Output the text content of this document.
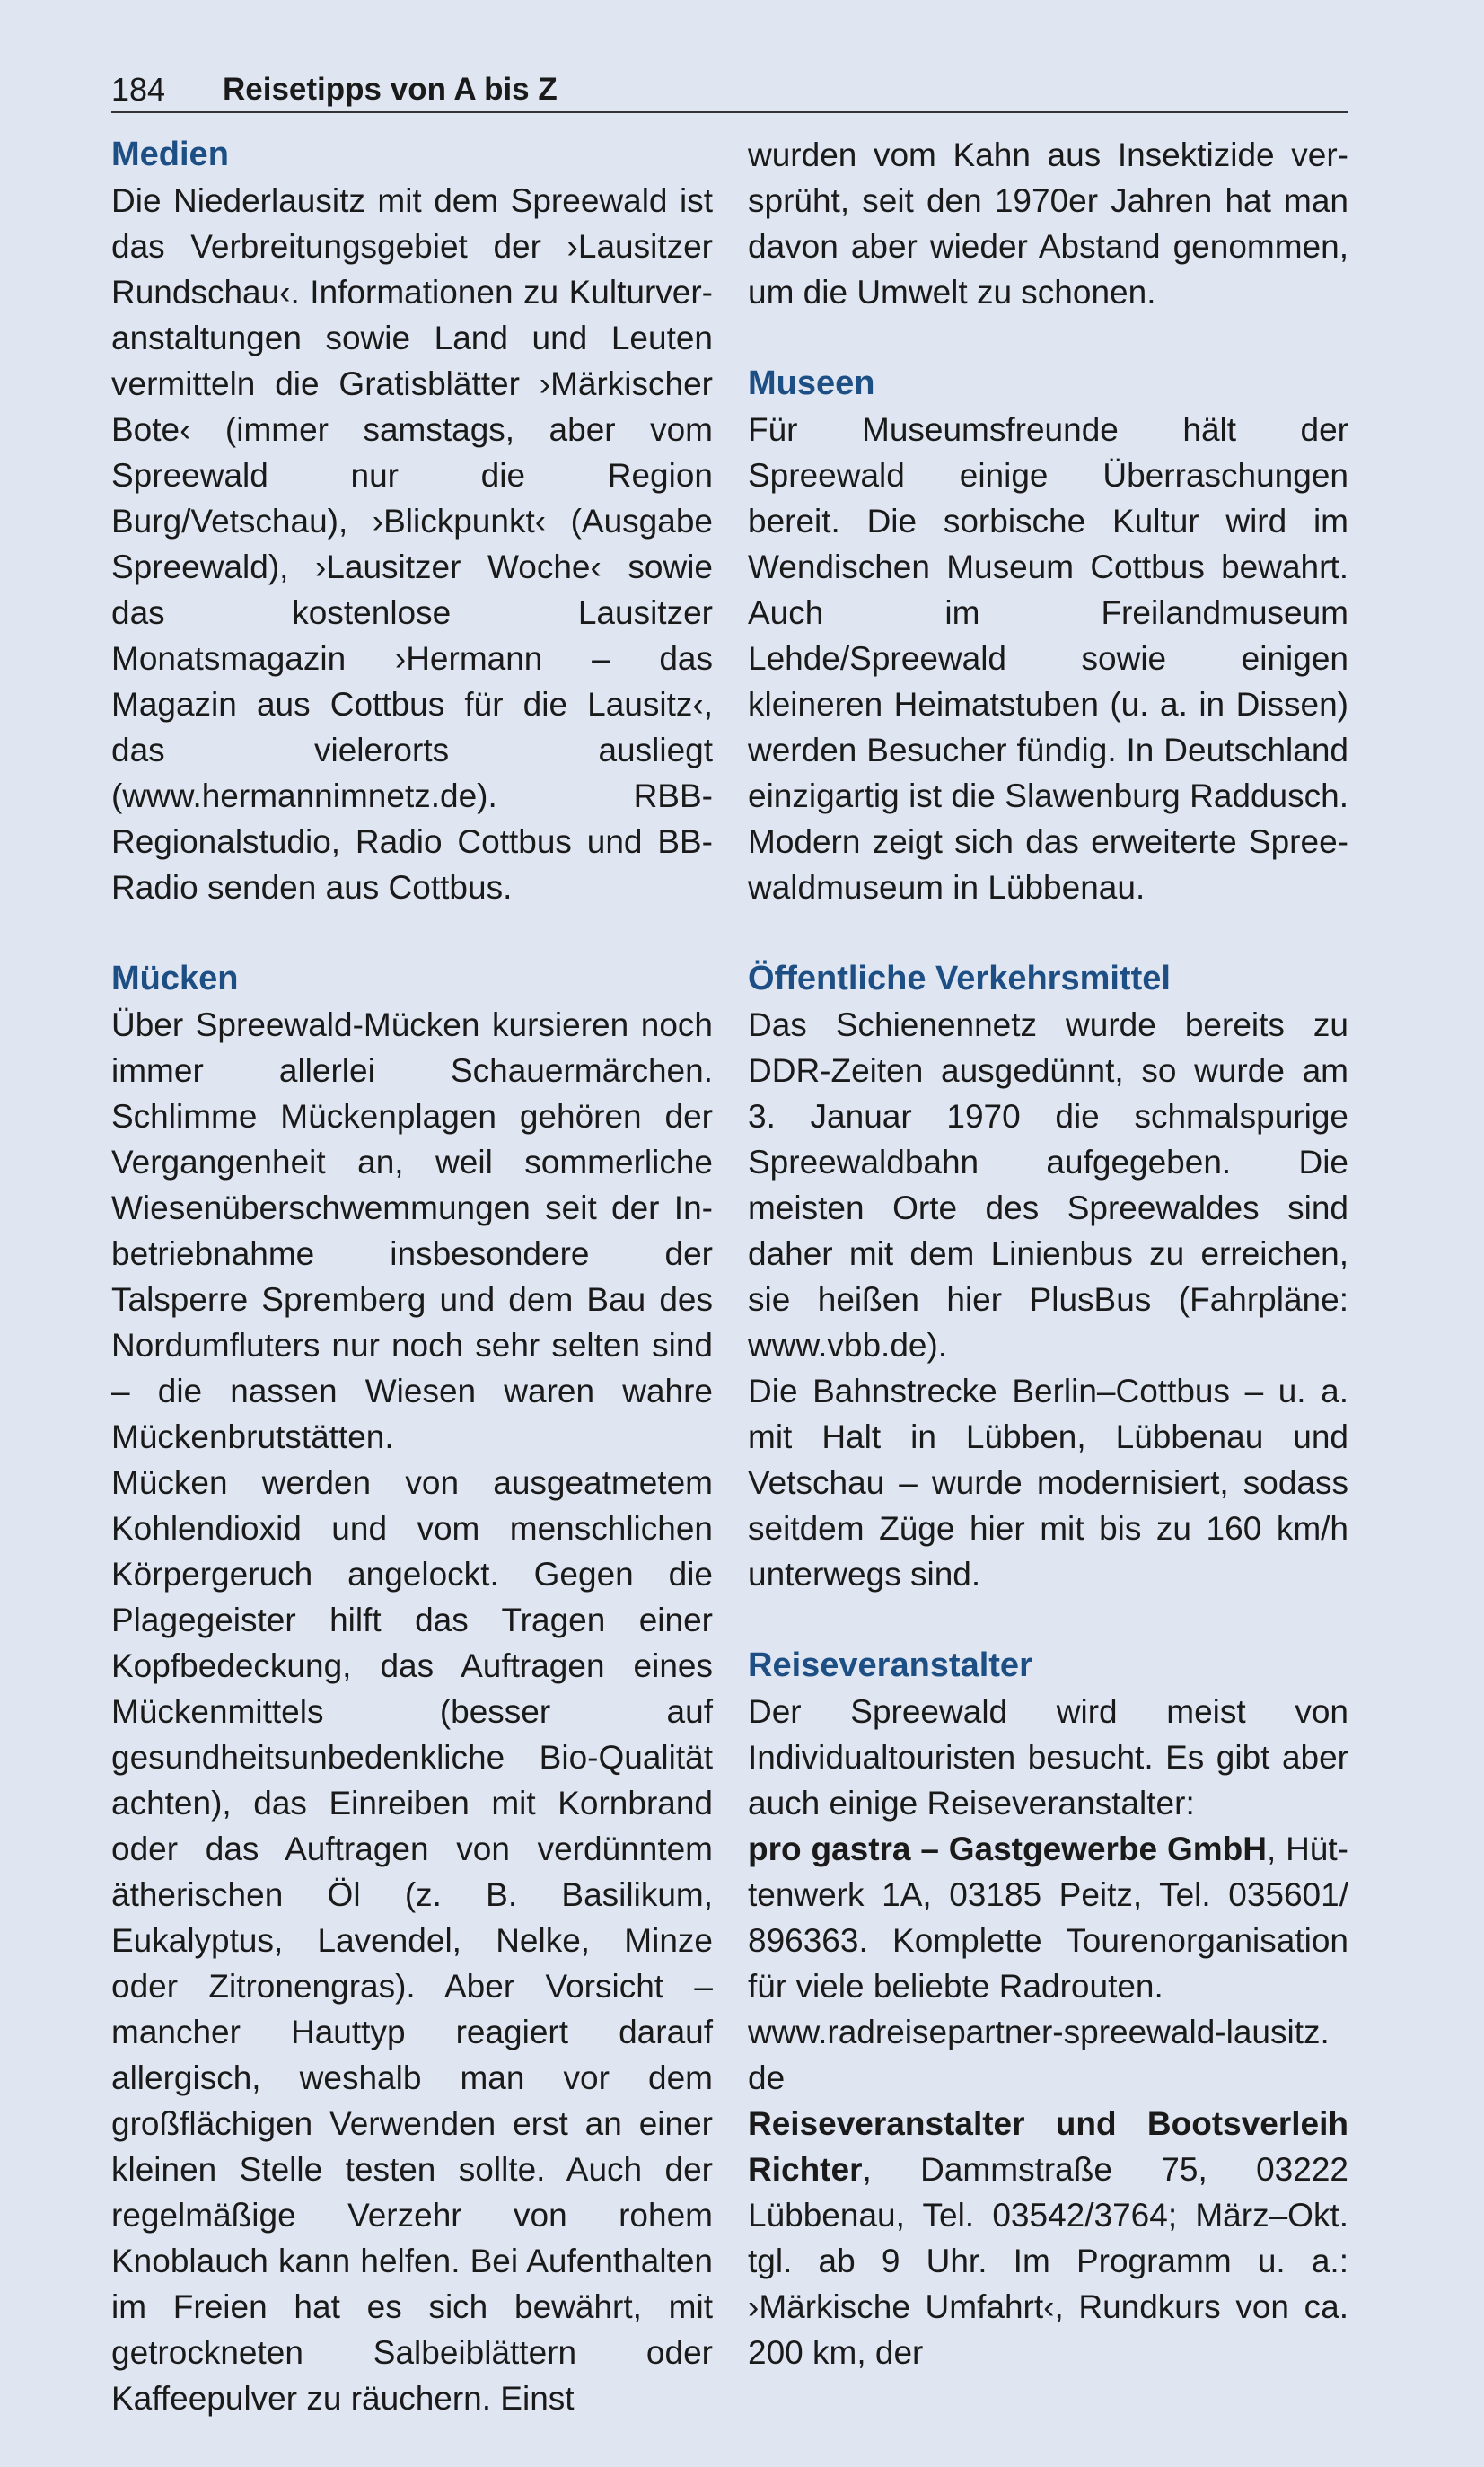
184 Reisetipps von A bis Z
Medien

Die Niederlausitz mit dem Spreewald ist das Verbreitungsgebiet der ›Lausitzer Rundschau‹. Informationen zu Kulturveranstaltungen sowie Land und Leuten vermitteln die Gratisblätter ›Märkischer Bote‹ (immer samstags, aber vom Spreewald nur die Region Burg/Vetschau), ›Blickpunkt‹ (Ausgabe Spreewald), ›Lausitzer Woche‹ sowie das kostenlose Lausitzer Monatsmagazin ›Hermann – das Magazin aus Cottbus für die Lausitz‹, das vielerorts ausliegt (www.hermannimnetz.​de). RBB-Regionalstudio, Radio Cottbus und BB-Radio senden aus Cottbus.

Mücken

Über Spreewald-Mücken kursieren noch immer allerlei Schauermärchen. Schlimme Mückenplagen gehören der Vergangenheit an, weil sommerliche Wiesenüberschwemmungen seit der Inbetriebnahme insbesondere der Talsperre Spremberg und dem Bau des Nordumfluters nur noch sehr selten sind – die nassen Wiesen waren wahre Mückenbrutstätten.

Mücken werden von ausgeatmetem Kohlendioxid und vom menschlichen Körpergeruch angelockt. Gegen die Plagegeister hilft das Tragen einer Kopfbedeckung, das Auftragen eines Mückenmittels (besser auf gesundheitsunbedenkliche Bio-Qualität achten), das Einreiben mit Kornbrand oder das Auftragen von verdünntem ätherischen Öl (z. B. Basilikum, Eukalyptus, Lavendel, Nelke, Minze oder Zitronengras). Aber Vorsicht – mancher Hauttyp reagiert darauf allergisch, weshalb man vor dem großflächigen Verwenden erst an einer kleinen Stelle testen sollte. Auch der regelmäßige Verzehr von rohem Knoblauch kann helfen. Bei Aufenthalten im Freien hat es sich bewährt, mit getrockneten Salbeiblättern oder Kaffeepulver zu räuchern. Einst

wurden vom Kahn aus Insektizide versprüht, seit den 1970er Jahren hat man davon aber wieder Abstand genommen, um die Umwelt zu schonen.

Museen

Für Museumsfreunde hält der Spreewald einige Überraschungen bereit. Die sorbische Kultur wird im Wendischen Museum Cottbus bewahrt. Auch im Freilandmuseum Lehde/Spreewald sowie einigen kleineren Heimatstuben (u. a. in Dissen) werden Besucher fündig. In Deutschland einzigartig ist die Slawenburg Raddusch. Modern zeigt sich das erweiterte Spreewaldmuseum in Lübbenau.

Öffentliche Verkehrsmittel

Das Schienennetz wurde bereits zu DDR-Zeiten ausgedünnt, so wurde am 3. Januar 1970 die schmalspurige Spreewaldbahn aufgegeben. Die meisten Orte des Spreewaldes sind daher mit dem Linienbus zu erreichen, sie heißen hier PlusBus (Fahrpläne: www.vbb.de).

Die Bahnstrecke Berlin–Cottbus – u. a. mit Halt in Lübben, Lübbenau und Vetschau – wurde modernisiert, sodass seitdem Züge hier mit bis zu 160 km/h unterwegs sind.

Reiseveranstalter

Der Spreewald wird meist von Individualtouristen besucht. Es gibt aber auch einige Reiseveranstalter:

pro gastra – Gastgewerbe GmbH, Hüttenwerk 1A, 03185 Peitz, Tel. 035601/​896363. Komplette Tourenorganisation für viele beliebte Radrouten.

www.radreisepartner-spreewald-lausitz.​de

Reiseveranstalter und Bootsverleih Richter, Dammstraße 75, 03222 Lübbenau, Tel. 03542/3764; März–Okt. tgl. ab 9 Uhr. Im Programm u. a.: ›Märkische Umfahrt‹, Rundkurs von ca. 200 km, der
